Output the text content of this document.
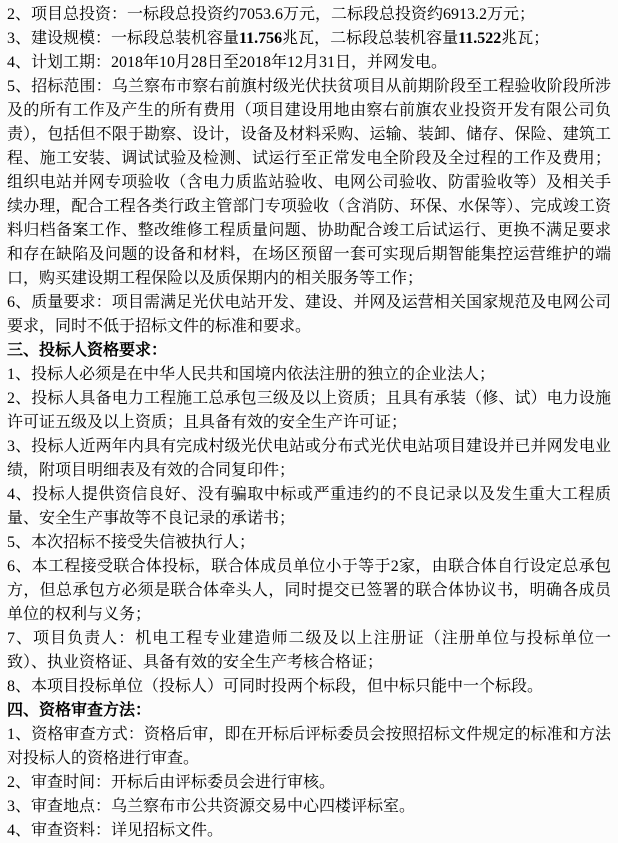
2、项目总投资：一标段总投资约7053.6万元，二标段总投资约6913.2万元；

3、建设规模：一标段总装机容量11.756兆瓦，二标段总装机容量11.522兆瓦；

4、计划工期：2018年10月28日至2018年12月31日，并网发电。

5、招标范围：乌兰察布市察右前旗村级光伏扶贫项目从前期阶段至工程验收阶段所涉及的所有工作及产生的所有费用（项目建设用地由察右前旗农业投资开发有限公司负责），包括但不限于勘察、设计，设备及材料采购、运输、装卸、储存、保险、建筑工程、施工安装、调试试验及检测、试运行至正常发电全阶段及全过程的工作及费用；组织电站并网专项验收（含电力质监站验收、电网公司验收、防雷验收等）及相关手续办理，配合工程各类行政主管部门专项验收（含消防、环保、水保等）、完成竣工资料归档备案工作、整改维修工程质量问题、协助配合竣工后试运行、更换不满足要求和存在缺陷及问题的设备和材料，在场区预留一套可实现后期智能集控运营维护的端口，购买建设期工程保险以及质保期内的相关服务等工作；

6、质量要求：项目需满足光伏电站开发、建设、并网及运营相关国家规范及电网公司要求，同时不低于招标文件的标准和要求。

三、投标人资格要求：

1、投标人必须是在中华人民共和国境内依法注册的独立的企业法人；

2、投标人具备电力工程施工总承包三级及以上资质；且具有承装（修、试）电力设施许可证五级及以上资质；且具备有效的安全生产许可证；

3、投标人近两年内具有完成村级光伏电站或分布式光伏电站项目建设并已并网发电业绩，附项目明细表及有效的合同复印件；

4、投标人提供资信良好、没有骗取中标或严重违约的不良记录以及发生重大工程质量、安全生产事故等不良记录的承诺书；

5、本次招标不接受失信被执行人；

6、本工程接受联合体投标，联合体成员单位小于等于2家，由联合体自行设定总承包方，但总承包方必须是联合体牵头人，同时提交已签署的联合体协议书，明确各成员单位的权利与义务；

7、项目负责人：机电工程专业建造师二级及以上注册证（注册单位与投标单位一致）、执业资格证、具备有效的安全生产考核合格证；

8、本项目投标单位（投标人）可同时投两个标段，但中标只能中一个标段。

四、资格审查方法：

1、资格审查方式：资格后审，即在开标后评标委员会按照招标文件规定的标准和方法对投标人的资格进行审查。

2、审查时间：开标后由评标委员会进行审核。

3、审查地点：乌兰察布市公共资源交易中心四楼评标室。

4、审查资料：详见招标文件。
